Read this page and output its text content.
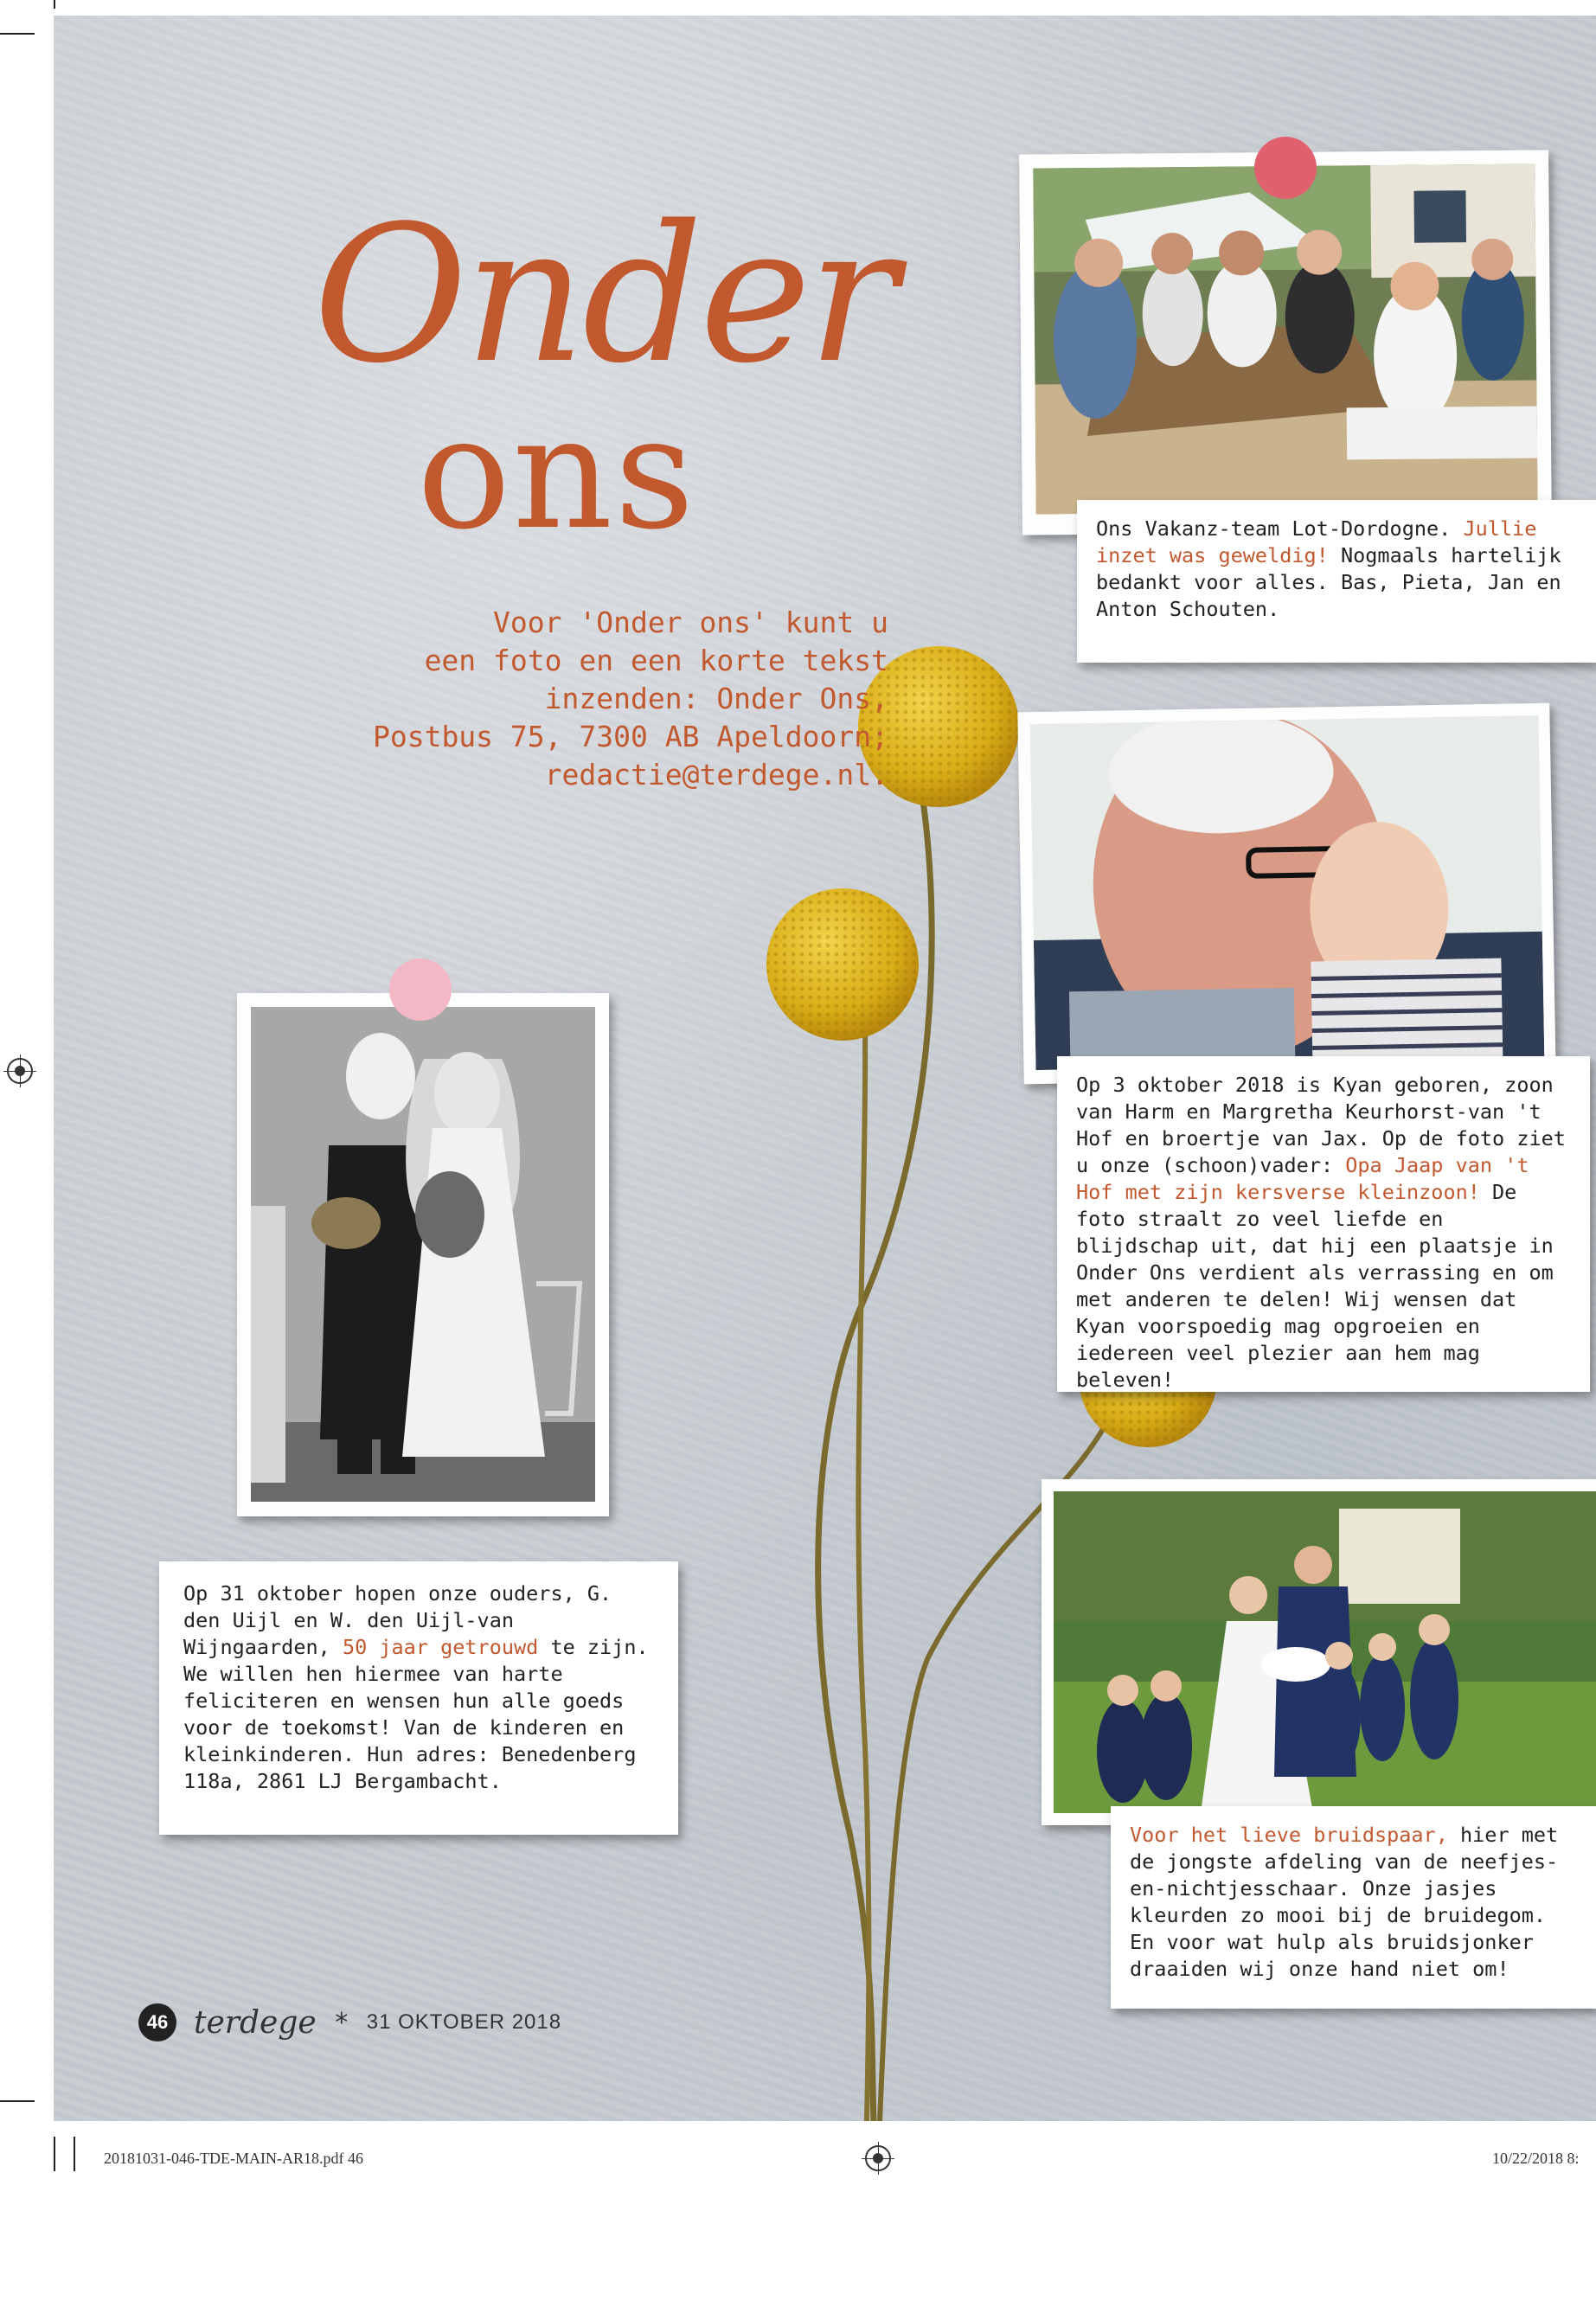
Onder
ons
Voor 'Onder ons' kunt u
een foto en een korte tekst
inzenden: Onder Ons,
Postbus 75, 7300 AB Apeldoorn;
redactie@terdege.nl.
Ons Vakanz-team Lot-Dordogne. Jullie inzet was geweldig! Nogmaals hartelijk bedankt voor alles. Bas, Pieta, Jan en Anton Schouten.
Op 3 oktober 2018 is Kyan geboren, zoon van Harm en Margretha Keurhorst-van 't Hof en broertje van Jax. Op de foto ziet u onze (schoon)vader: Opa Jaap van 't Hof met zijn kersverse kleinzoon! De foto straalt zo veel liefde en blijdschap uit, dat hij een plaatsje in Onder Ons verdient als verrassing en om met anderen te delen! Wij wensen dat Kyan voorspoedig mag opgroeien en iedereen veel plezier aan hem mag beleven!
Op 31 oktober hopen onze ouders, G. den Uijl en W. den Uijl-van Wijngaarden, 50 jaar getrouwd te zijn. We willen hen hiermee van harte feliciteren en wensen hun alle goeds voor de toekomst! Van de kinderen en kleinkinderen. Hun adres: Benedenberg 118a, 2861 LJ Bergambacht.
Voor het lieve bruidspaar, hier met de jongste afdeling van de neefjes-en-nichtjesschaar. Onze jasjes kleurden zo mooi bij de bruidegom. En voor wat hulp als bruidsjonker draaiden wij onze hand niet om!
46 terdege * 31 OKTOBER 2018
20181031-046-TDE-MAIN-AR18.pdf 46	10/22/2018 8:
